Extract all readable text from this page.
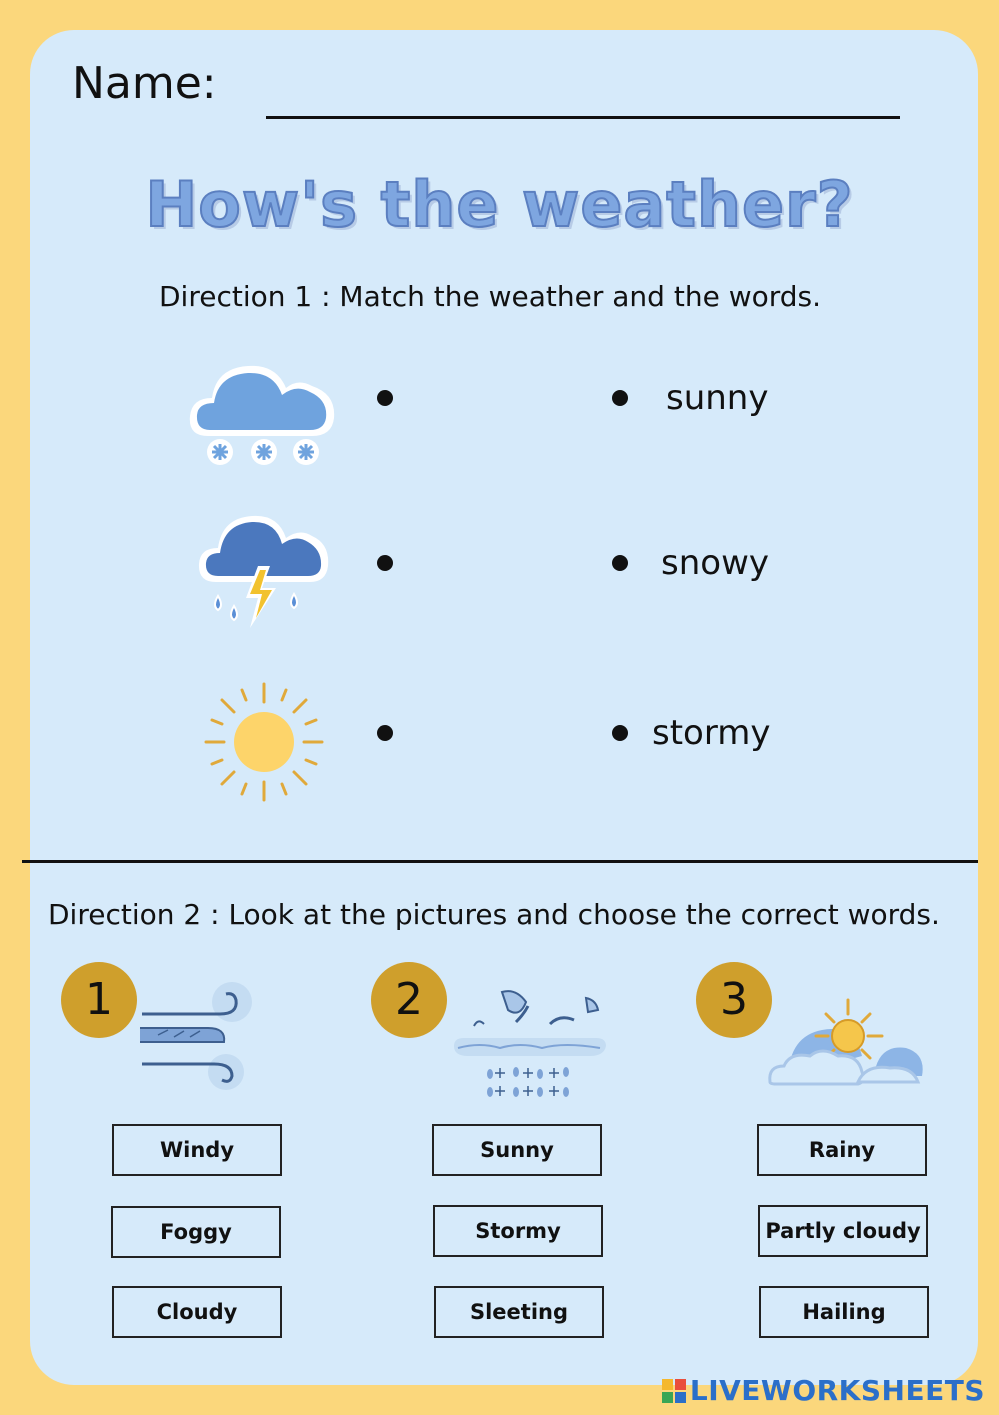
Name:
How's the weather?
Direction 1 : Match the weather and the words.
sunny
snowy
stormy
Direction 2 : Look at the pictures and choose the correct words.
1
Windy
Foggy
Cloudy
2
Sunny
Stormy
Sleeting
3
Rainy
Partly cloudy
Hailing
LIVEWORKSHEETS
